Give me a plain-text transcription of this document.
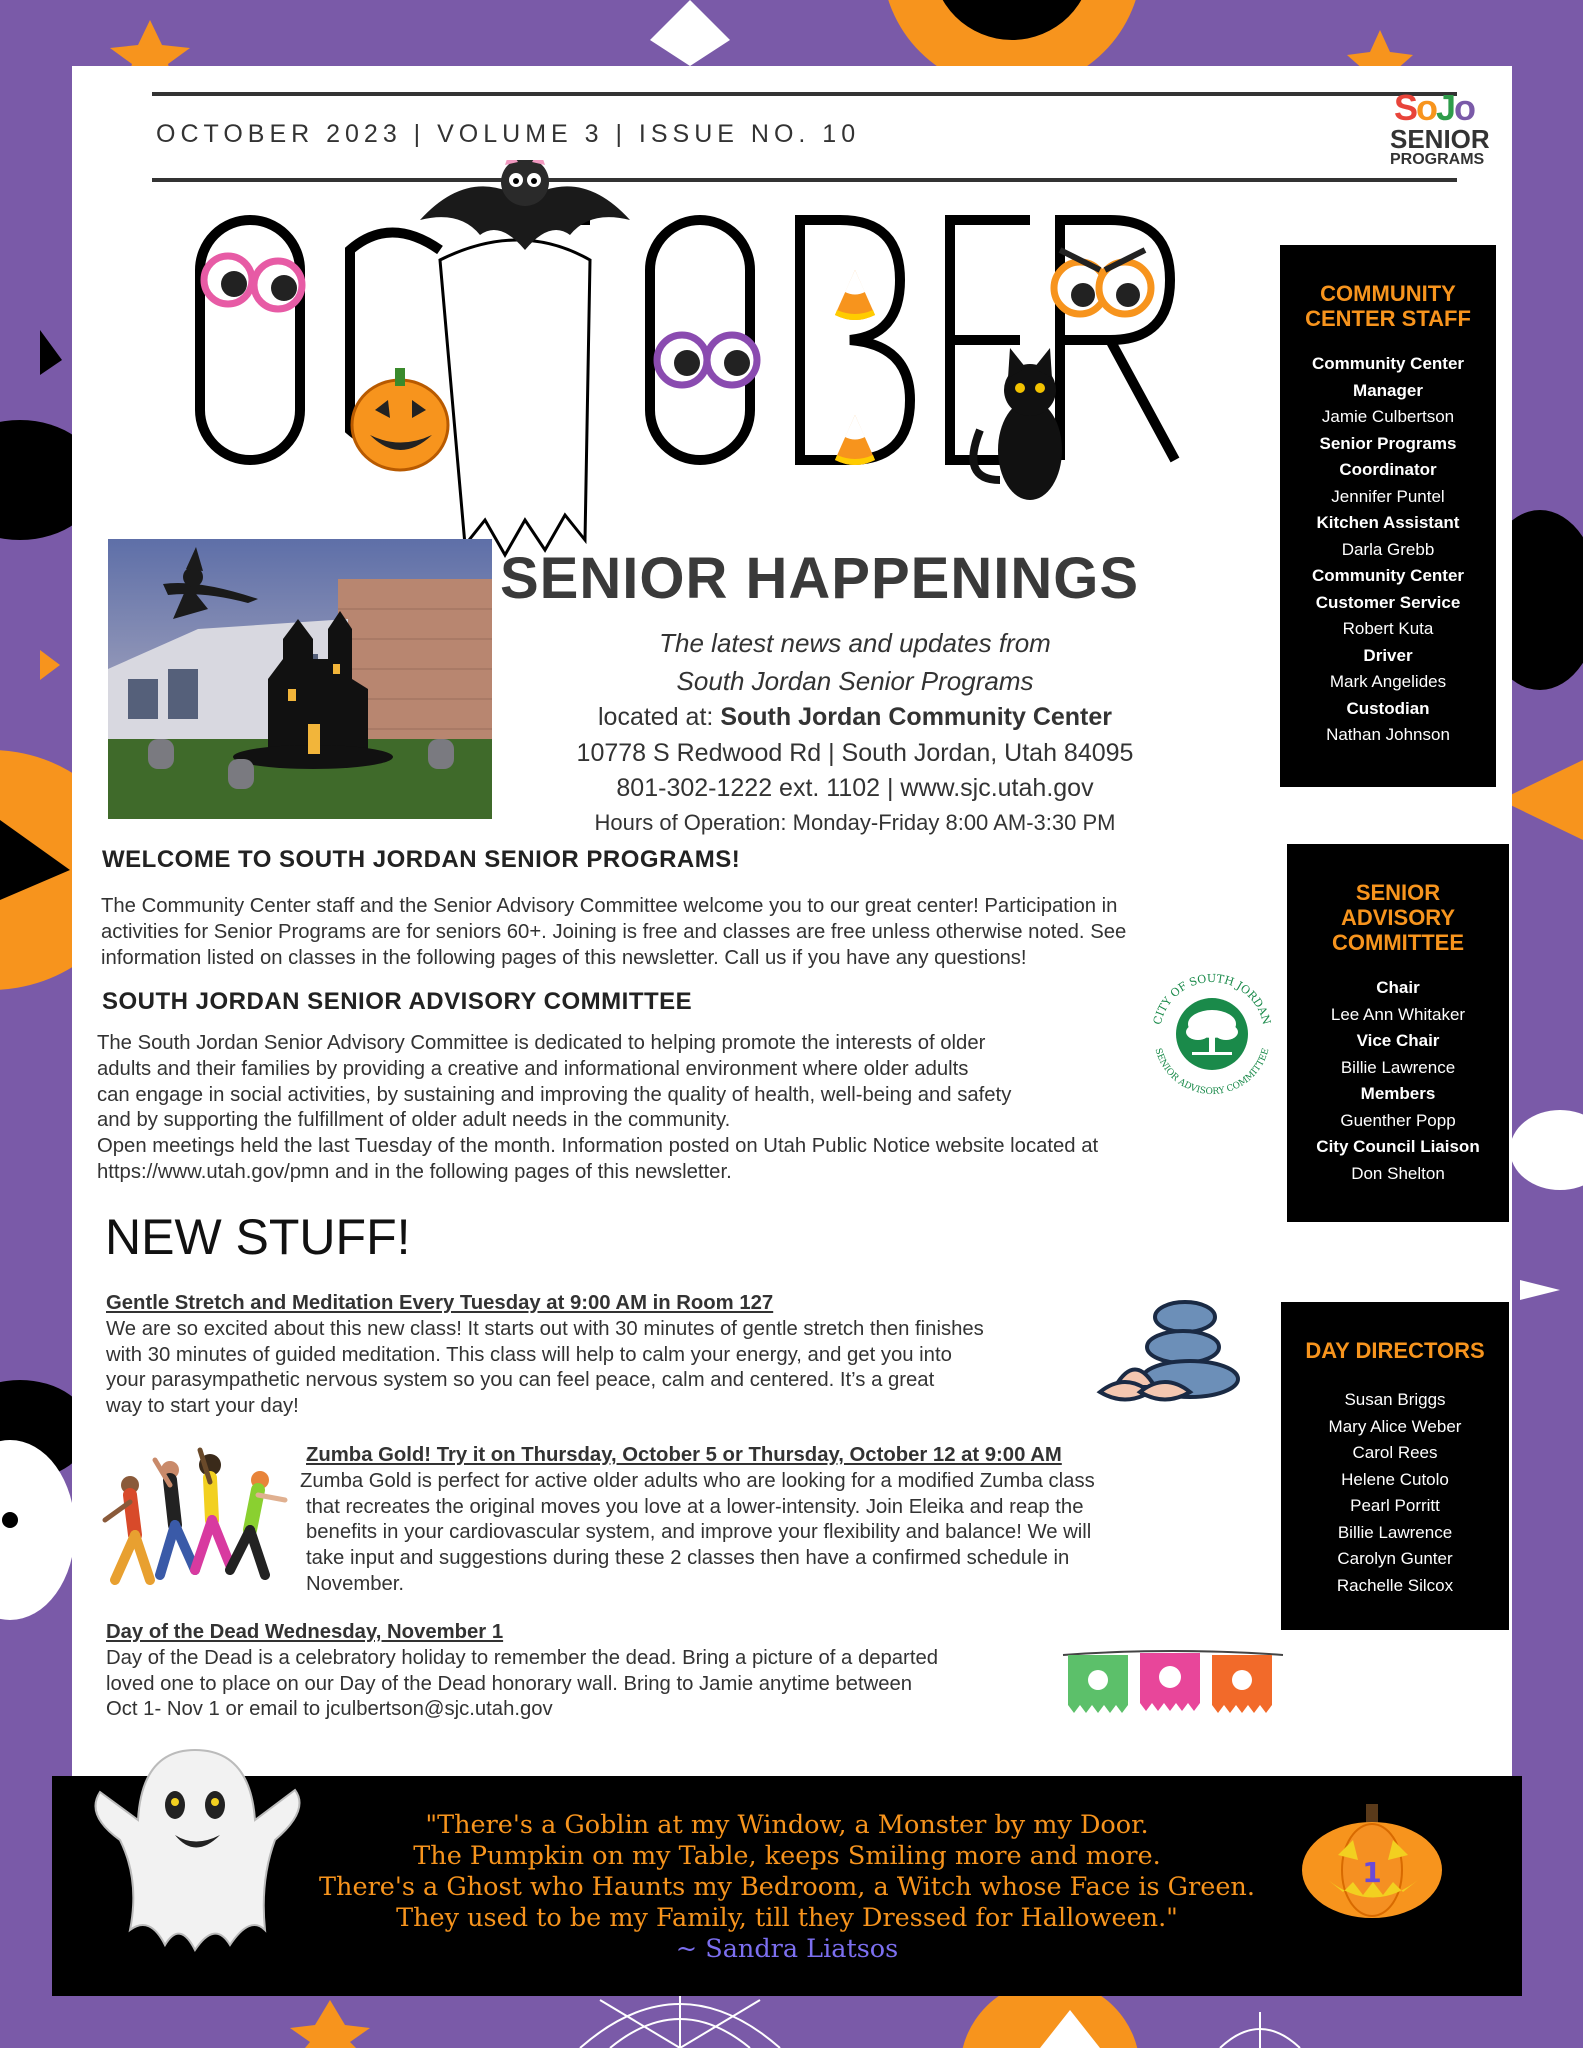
OCTOBER 2023 | VOLUME 3 | ISSUE NO. 10
SoJo
SENIOR
PROGRAMS
SENIOR HAPPENINGS
The latest news and updates from
South Jordan Senior Programs
located at: South Jordan Community Center
10778 S Redwood Rd | South Jordan, Utah 84095
801-302-1222 ext. 1102 | www.sjc.utah.gov
Hours of Operation: Monday-Friday 8:00 AM-3:30 PM
WELCOME TO SOUTH JORDAN SENIOR PROGRAMS!
The Community Center staff and the Senior Advisory Committee welcome you to our great center! Participation in
activities for Senior Programs are for seniors 60+. Joining is free and classes are free unless otherwise noted. See
information listed on classes in the following pages of this newsletter. Call us if you have any questions!
SOUTH JORDAN SENIOR ADVISORY COMMITTEE
The South Jordan Senior Advisory Committee is dedicated to helping promote the interests of older
adults and their families by providing a creative and informational environment where older adults
can engage in social activities, by sustaining and improving the quality of health, well-being and safety
and by supporting the fulfillment of older adult needs in the community.
Open meetings held the last Tuesday of the month. Information posted on Utah Public Notice website located at
https://www.utah.gov/pmn and in the following pages of this newsletter.
CITY OF SOUTH JORDAN
SENIOR ADVISORY COMMITTEE
NEW STUFF!
Gentle Stretch and Meditation Every Tuesday at 9:00 AM in Room 127
We are so excited about this new class! It starts out with 30 minutes of gentle stretch then finishes
with 30 minutes of guided meditation. This class will help to calm your energy, and get you into
your parasympathetic nervous system so you can feel peace, calm and centered. It’s a great
way to start your day!
Zumba Gold! Try it on Thursday, October 5 or Thursday, October 12 at 9:00 AM
Zumba Gold is perfect for active older adults who are looking for a modified Zumba class
that recreates the original moves you love at a lower-intensity. Join Eleika and reap the
benefits in your cardiovascular system, and improve your flexibility and balance! We will
take input and suggestions during these 2 classes then have a confirmed schedule in
November.
Day of the Dead Wednesday, November 1
Day of the Dead is a celebratory holiday to remember the dead. Bring a picture of a departed
loved one to place on our Day of the Dead honorary wall. Bring to Jamie anytime between
Oct 1- Nov 1 or email to jculbertson@sjc.utah.gov
COMMUNITY
CENTER STAFF
Community Center
Manager
Jamie Culbertson
Senior Programs
Coordinator
Jennifer Puntel
Kitchen Assistant
Darla Grebb
Community Center
Customer Service
Robert Kuta
Driver
Mark Angelides
Custodian
Nathan Johnson
SENIOR
ADVISORY
COMMITTEE
Chair
Lee Ann Whitaker
Vice Chair
Billie Lawrence
Members
Guenther Popp
City Council Liaison
Don Shelton
DAY DIRECTORS
Susan Briggs
Mary Alice Weber
Carol Rees
Helene Cutolo
Pearl Porritt
Billie Lawrence
Carolyn Gunter
Rachelle Silcox
"There's a Goblin at my Window, a Monster by my Door.
The Pumpkin on my Table, keeps Smiling more and more.
There's a Ghost who Haunts my Bedroom, a Witch whose Face is Green.
They used to be my Family, till they Dressed for Halloween."
~ Sandra Liatsos
1
